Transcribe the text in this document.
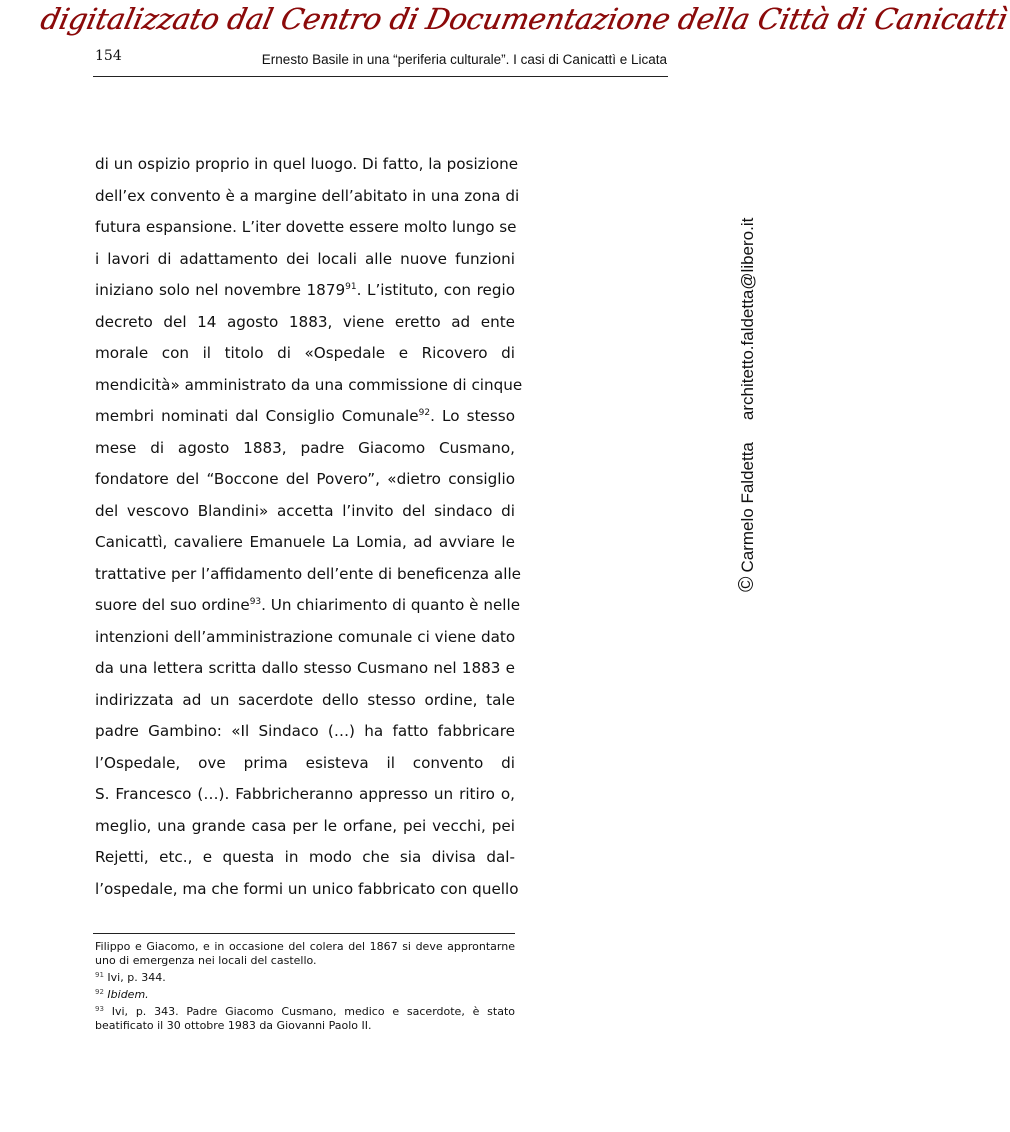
digitalizzato dal Centro di Documentazione della Città di Canicattì
154	Ernesto Basile in una “periferia culturale”. I casi di Canicattì e Licata
di un ospizio proprio in quel luogo. Di fatto, la posizione
dell’ex convento è a margine dell’abitato in una zona di
futura espansione. L’iter dovette essere molto lungo se
i lavori di adattamento dei locali alle nuove funzioni
iniziano solo nel novembre 1879$^{91}$. L’istituto, con regio
decreto del 14 agosto 1883, viene eretto ad ente
morale con il titolo di «Ospedale e Ricovero di
mendicità» amministrato da una commissione di cinque
membri nominati dal Consiglio Comunale$^{92}$. Lo stesso
mese di agosto 1883, padre Giacomo Cusmano,
fondatore del “Boccone del Povero”, «dietro consiglio
del vescovo Blandini» accetta l’invito del sindaco di
Canicattì, cavaliere Emanuele La Lomia, ad avviare le
trattative per l’affidamento dell’ente di beneficenza alle
suore del suo ordine$^{93}$. Un chiarimento di quanto è nelle
intenzioni dell’amministrazione comunale ci viene dato
da una lettera scritta dallo stesso Cusmano nel 1883 e
indirizzata ad un sacerdote dello stesso ordine, tale
padre Gambino: «Il Sindaco (…) ha fatto fabbricare
l’Ospedale, ove prima esisteva il convento di
S. Francesco (…). Fabbricheranno appresso un ritiro o,
meglio, una grande casa per le orfane, pei vecchi, pei
Rejetti, etc., e questa in modo che sia divisa dal-
l’ospedale, ma che formi un unico fabbricato con quello
©Carmelo Faldettaarchitetto.faldetta@libero.it

Filippo e Giacomo, e in occasione del colera del 1867 si deve approntarne uno di emergenza nei locali del castello.

$^{91}$ Ivi, p. 344.

$^{92}$ Ibidem.

$^{93}$ Ivi, p. 343. Padre Giacomo Cusmano, medico e sacerdote, è stato beatificato il 30 ottobre 1983 da Giovanni Paolo II.
